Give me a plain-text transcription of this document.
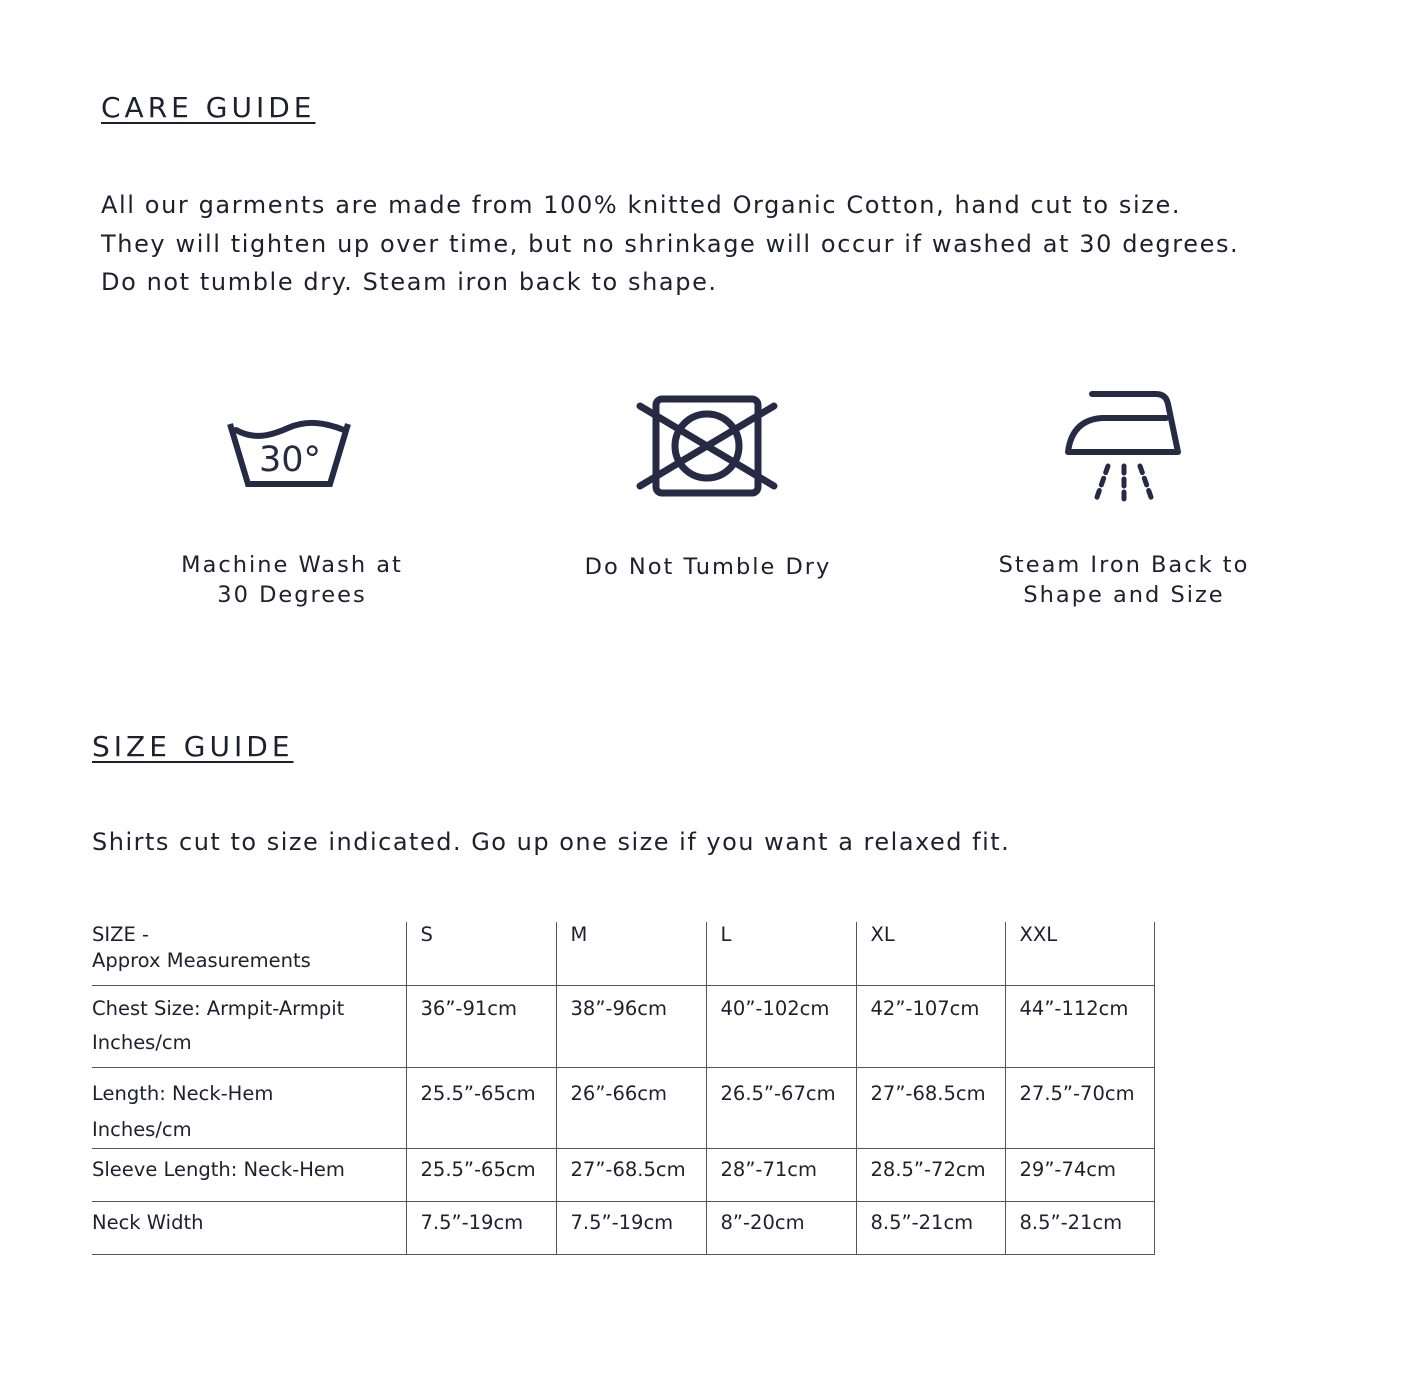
CARE GUIDE

All our garments are made from 100% knitted Organic Cotton, hand cut to size.
They will tighten up over time, but no shrinkage will occur if washed at 30 degrees.
Do not tumble dry. Steam iron back to shape.

30°
Machine Wash at
30 Degrees
Do Not Tumble Dry	Steam Iron Back to
Shape and Size
SIZE GUIDE

Shirts cut to size indicated. Go up one size if you want a relaxed fit.

SIZE -
Approx Measurements	S	M	L	XL	XXL

Chest Size: Armpit-Armpit
Inches/cm	36”-91cm	38”-96cm	40”-102cm	42”-107cm	44”-112cm

Length: Neck-Hem
Inches/cm	25.5”-65cm	26”-66cm	26.5”-67cm	27”-68.5cm	27.5”-70cm

Sleeve Length: Neck-Hem	25.5”-65cm	27”-68.5cm	28”-71cm	28.5”-72cm	29”-74cm

Neck Width	7.5”-19cm	7.5”-19cm	8”-20cm	8.5”-21cm	8.5”-21cm
